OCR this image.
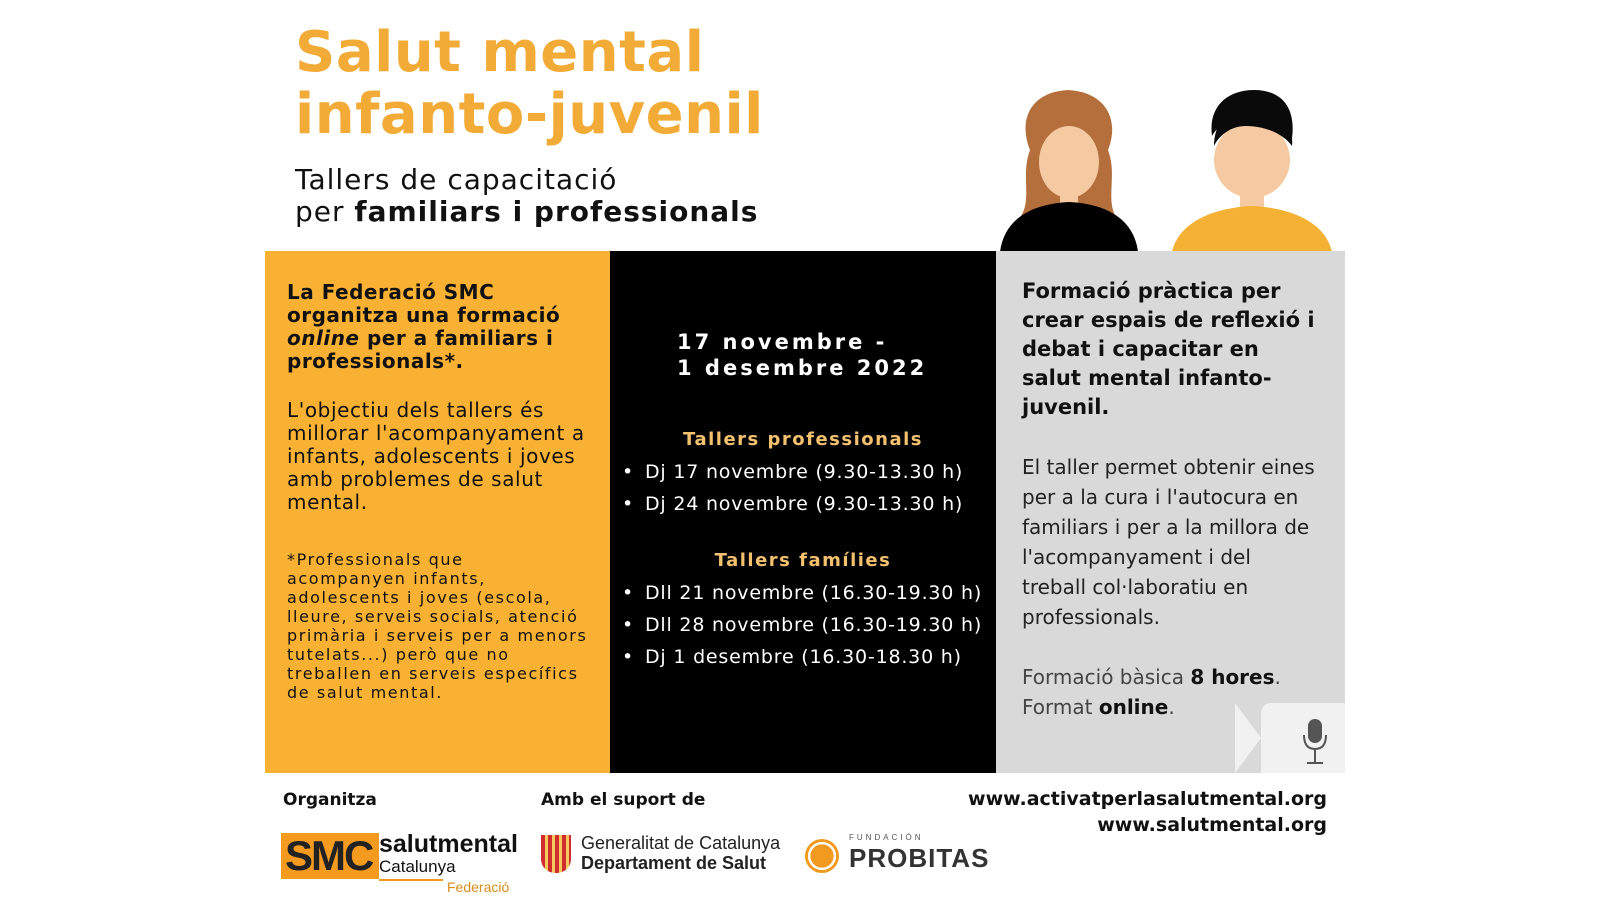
Salut mental
infanto-juvenil
Tallers de capacitació
per familiars i professionals
La Federació SMC
organitza una formació
online per a familiars i
professionals*.
L'objectiu dels tallers és millorar l'acompanyament a infants, adolescents i joves amb problemes de salut mental.
*Professionals que acompanyen infants, adolescents i joves (escola, lleure, serveis socials, atenció primària i serveis per a menors tutelats...) però que no treballen en serveis específics de salut mental.
17 novembre -
1 desembre 2022
Tallers professionals
• Dj 17 novembre (9.30-13.30 h)
• Dj 24 novembre (9.30-13.30 h)
Tallers famílies
• Dll 21 novembre (16.30-19.30 h)
• Dll 28 novembre (16.30-19.30 h)
• Dj 1 desembre (16.30-18.30 h)
Formació pràctica per crear espais de reflexió i debat i capacitar en salut mental infanto-juvenil.
El taller permet obtenir eines per a la cura i l'autocura en familiars i per a la millora de l'acompanyament i del treball col·laboratiu en professionals.
Formació bàsica 8 hores.
Format online.
Organitza	Amb el suport de	www.activatperlasalutmental.org
www.salutmental.org
SMC salutmental
Catalunya
Federació
Generalitat de Catalunya
Departament de Salut
FUNDACIÓN
PROBITAS
